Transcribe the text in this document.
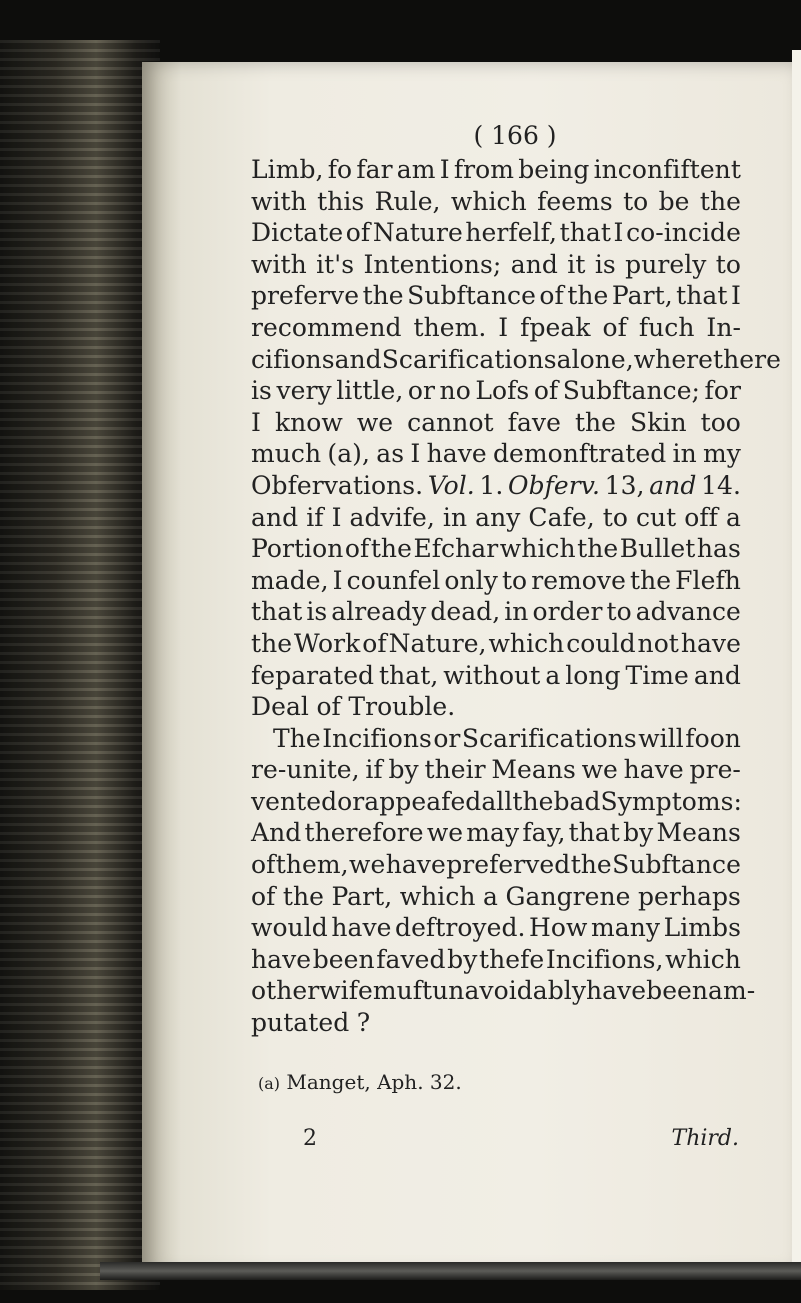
( 166 )
Limb, fo far am I from being inconfiftent
with this Rule, which feems to be the
Dictate of Nature herfelf, that I co-incide
with it's Intentions; and it is purely to
preferve the Subftance of the Part, that I
recommend them. I fpeak of fuch In-
cifions and Scarifications alone, where there
is very little, or no Lofs of Subftance; for
I know we cannot fave the Skin too
much (a), as I have demonftrated in my
Obfervations. Vol. 1. Obferv. 13, and 14.
and if I advife, in any Cafe, to cut off a
Portion of the Efchar which the Bullet has
made, I counfel only to remove the Flefh
that is already dead, in order to advance
the Work of Nature, which could not have
feparated that, without a long Time and
Deal of Trouble.
The Incifions or Scarifications will foon
re-unite, if by their Means we have pre-
vented or appeafed all the bad Symptoms:
And therefore we may fay, that by Means
of them, we have preferved the Subftance
of the Part, which a Gangrene perhaps
would have deftroyed. How many Limbs
have been faved by thefe Incifions, which
otherwife muft unavoidably have been am-
putated ?
(a) Manget, Aph. 32.
2	Third.
